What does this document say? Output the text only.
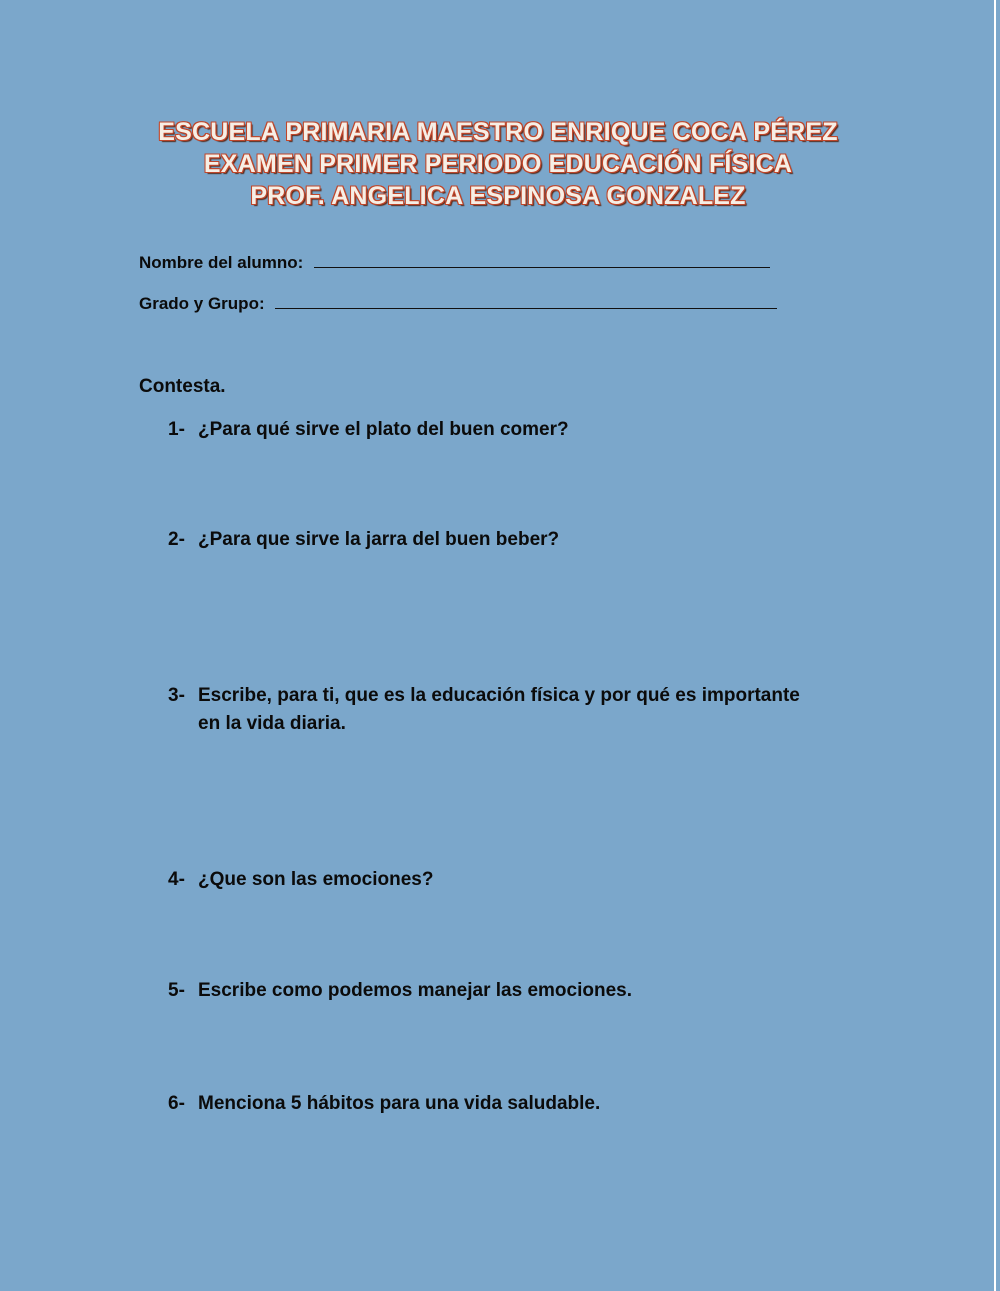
ESCUELA PRIMARIA MAESTRO ENRIQUE COCA PÉREZ
EXAMEN PRIMER PERIODO EDUCACIÓN FÍSICA
PROF. ANGELICA ESPINOSA GONZALEZ
Nombre del alumno:
Grado y Grupo:
Contesta.
1- ¿Para qué sirve el plato del buen comer?
2- ¿Para que sirve la jarra del buen beber?
3- Escribe, para ti, que es la educación física y por qué es importante en la vida diaria.
4- ¿Que son las emociones?
5- Escribe como podemos manejar las emociones.
6- Menciona 5 hábitos para una vida saludable.
